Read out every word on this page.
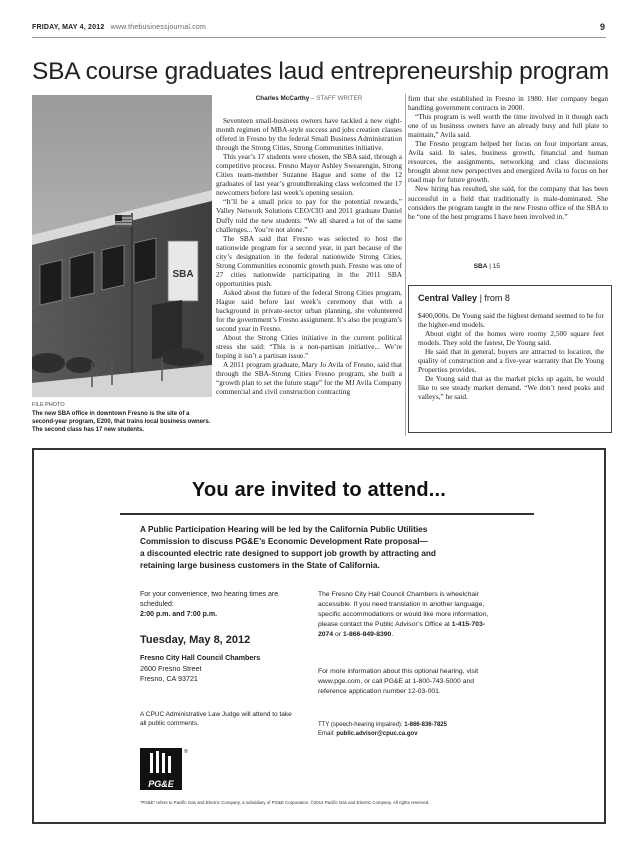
FRIDAY, MAY 4, 2012 www.thebusinessjournal.com	9
SBA course graduates laud entrepreneurship program
SBA
FILE PHOTO
The new SBA office in downtown Fresno is the site of a second-year program, E200, that trains local business owners. The second class has 17 new students.
Charles McCarthy – STAFF WRITER

Seventeen small-business owners have tackled a new eight-month regimen of MBA-style success and jobs creation classes offered in Fresno by the federal Small Business Administration through the Strong Cities, Strong Communities initiative.

This year’s 17 students were chosen, the SBA said, through a competitive process. Fresno Mayor Ashley Swearengin, Strong Cities team-member Suzanne Hague and some of the 12 graduates of last year’s groundbreaking class welcomed the 17 newcomers before last week’s opening session.

“It’ll be a small price to pay for the potential rewards,” Valley Network Solutions CEO/CIO and 2011 graduate Daniel Duffy told the new students. “We all shared a lot of the same challenges... You’re not alone.”

The SBA said that Fresno was selected to host the nationwide program for a second year, in part because of the city’s designation in the federal nationwide Strong Cities, Strong Communities economic growth push. Fresno was one of 27 cities nationwide participating in the 2011 SBA opportunities push.

Asked about the future of the federal Strong Cities program, Hague said before last week’s ceremony that with a background in private-sector urban planning, she volunteered for the government’s Fresno assignment. It’s also the program’s second year in Fresno.

About the Strong Cities initiative in the current political stress she said: “This is a non-partisan initiative... We’re hoping it isn’t a partisan issue.”

A 2011 program graduate, Mary Jo Avila of Fresno, said that through the SBA-Strong Cities Fresno program, she built a “growth plan to set the future stage” for the MJ Avila Company commercial and civil construction contracting

firm that she established in Fresno in 1980. Her company began handling government contracts in 2000.

“This program is well worth the time involved in it though each one of us business owners have an already busy and full plate to maintain,” Avila said.

The Fresno program helped her focus on four important areas, Avila said. In sales, business growth, financial and human resources, the assignments, networking and class discussions brought about new perspectives and energized Avila to focus on her road map for future growth.

New hiring has resulted, she said, for the company that has been successful in a field that traditionally is male-dominated. She considers the program taught in the new Fresno office of the SBA to be “one of the best programs I have been involved in.”

SBA | 15
Central Valley | from 8

$400,000s. De Young said the highest demand seemed to be for the higher-end models.

About eight of the homes were roomy 2,500 square feet models. They sold the fastest, De Young said.

He said that in general, buyers are attracted to location, the quality of construction and a five-year warranty that De Young Properties provides.

De Young said that as the market picks up again, he would like to see steady market demand. “We don’t need peaks and valleys,” he said.

You are invited to attend...
A Public Participation Hearing will be led by the California Public Utilities
Commission to discuss PG&E’s Economic Development Rate proposal—
a discounted electric rate designed to support job growth by attracting and
retaining large business customers in the State of California.
For your convenience, two hearing times are scheduled:
2:00 p.m. and 7:00 p.m.
Tuesday, May 8, 2012
Fresno City Hall Council Chambers
2600 Fresno Street
Fresno, CA 93721
A CPUC Administrative Law Judge will attend to take all public comments.
The Fresno City Hall Council Chambers is wheelchair accessible. If you need translation in another language, specific accommodations or would like more information, please contact the Public Advisor’s Office at 1-415-703-2074 or 1-866-849-8390.
For more information about this optional hearing, visit www.pge.com, or call PG&E at 1-800-743-5000 and reference application number 12-03-001.
TTY (speech-hearing impaired): 1-866-836-7825
Email: public.advisor@cpuc.ca.gov
PG&E
®
“PG&E” refers to Pacific Gas and Electric Company, a subsidiary of PG&E Corporation. ©2012 Pacific Gas and Electric Company. All rights reserved.
